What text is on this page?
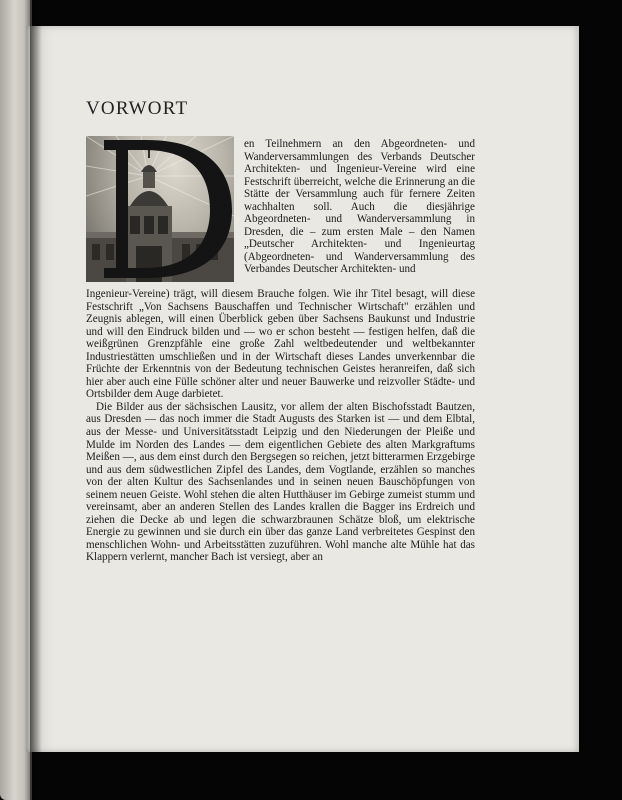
VORWORT

en Teilnehmern an den Abgeordneten- und Wanderversammlungen des Verbands Deutscher Architekten- und Ingenieur-Vereine wird eine Festschrift überreicht, welche die Erinnerung an die Stätte der Versammlung auch für fernere Zeiten wachhalten soll. Auch die diesjährige Abgeordneten- und Wanderversammlung in Dresden, die – zum ersten Male – den Namen „Deutscher Architekten- und Ingenieurtag (Abgeordneten- und Wanderversammlung des Verbandes Deutscher Architekten- und

Ingenieur-Vereine) trägt, will diesem Brauche folgen. Wie ihr Titel besagt, will diese Festschrift „Von Sachsens Bauschaffen und Technischer Wirtschaft" erzählen und Zeugnis ablegen, will einen Überblick geben über Sachsens Baukunst und Industrie und will den Eindruck bilden und — wo er schon besteht — festigen helfen, daß die weißgrünen Grenzpfähle eine große Zahl weltbedeutender und weltbekannter Industriestätten umschließen und in der Wirtschaft dieses Landes unverkennbar die Früchte der Erkenntnis von der Bedeutung technischen Geistes heranreifen, daß sich hier aber auch eine Fülle schöner alter und neuer Bauwerke und reizvoller Städte- und Ortsbilder dem Auge darbietet.

Die Bilder aus der sächsischen Lausitz, vor allem der alten Bischofsstadt Bautzen, aus Dresden — das noch immer die Stadt Augusts des Starken ist — und dem Elbtal, aus der Messe- und Universitätsstadt Leipzig und den Niederungen der Pleiße und Mulde im Norden des Landes — dem eigentlichen Gebiete des alten Markgraftums Meißen —, aus dem einst durch den Bergsegen so reichen, jetzt bitterarmen Erzgebirge und aus dem südwestlichen Zipfel des Landes, dem Vogtlande, erzählen so manches von der alten Kultur des Sachsenlandes und in seinen neuen Bauschöpfungen von seinem neuen Geiste. Wohl stehen die alten Hutthäuser im Gebirge zumeist stumm und vereinsamt, aber an anderen Stellen des Landes krallen die Bagger ins Erdreich und ziehen die Decke ab und legen die schwarzbraunen Schätze bloß, um elektrische Energie zu gewinnen und sie durch ein über das ganze Land verbreitetes Gespinst den menschlichen Wohn- und Arbeitsstätten zuzuführen. Wohl manche alte Mühle hat das Klappern verlernt, mancher Bach ist versiegt, aber an
